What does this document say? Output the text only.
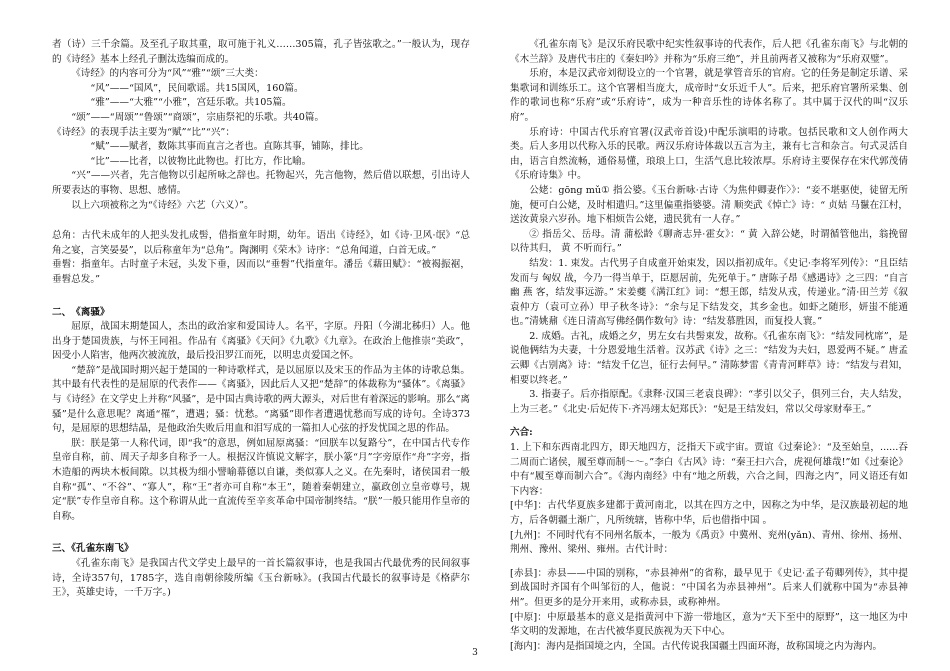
者（诗）三千余篇。及至孔子取其重，取可施于礼义……305篇，孔子皆弦歌之。”一般认为，现存的《诗经》基本上经孔子删汰选编而成的。

《诗经》的内容可分为“风”“雅”“颂”三大类：

“风”——“国风”，民间歌谣。共15国风，160篇。

“雅”——“大雅”“小雅”，宫廷乐歌。共105篇。

“颂”——“周颂”“鲁颂”“商颂”，宗庙祭祀的乐歌。共40篇。

《诗经》的表现手法主要为“赋”“比”“兴”：

“赋”——赋者，数陈其事而直言之者也。直陈其事，铺陈，排比。

“比”——比者，以彼物比此物也。打比方，作比喻。

“兴”——兴者，先言他物以引起所咏之辞也。托物起兴，先言他物，然后借以联想，引出诗人所要表达的事物、思想、感情。

以上六项被称之为“《诗经》六艺（六义）”。

总角：古代未成年的人把头发扎成髻，借指童年时期，幼年。语出《诗经》，如《诗·卫风·氓》“总角之宴，言笑晏晏”，以后称童年为“总角”。陶渊明《荣木》诗序：“总角闻道，白首无成。”

垂髫：指童年。古时童子未冠，头发下垂，因而以“垂髫”代指童年。潘岳《藉田赋》：“被褐振裾，垂髫总发。”

二、　《离骚》

屈原，战国末期楚国人，杰出的政治家和爱国诗人。名平，字原。丹阳（今湖北秭归）人。他出身于楚国贵族，与怀王同祖。作品有《离骚》《天问》《九歌》《九章》。在政治上他推崇“美政”，因受小人陷害，他两次被流放，最后投汨罗江而死，以明忠贞爱国之怀。

“楚辞”是战国时期兴起于楚国的一种诗歌样式，是以屈原以及宋玉的作品为主体的诗歌总集。其中最有代表性的是屈原的代表作——《离骚》，因此后人又把“楚辞”的体裁称为“骚体”。《离骚》与《诗经》在文学史上并称“风骚”，是中国古典诗歌的两大源头，对后世有着深远的影响。那么“离骚”是什么意思呢？离通“罹”，遭遇；骚：忧愁。“离骚”即作者遭遇忧愁而写成的诗句。全诗373句，是屈原的思想结晶，是他政治失败后用血和泪写成的一篇扣人心弦的抒发忧国之思的作品。

朕：朕是第一人称代词，即“我”的意思，例如屈原离骚：“回朕车以复路兮”，在中国古代专作皇帝自称，前、周天子却多自称予一人。根据汉许慎说文解字，朕小篆“月”字旁原作“舟”字旁，指木造船的两块木板间隙。以其极为细小譬喻幕德以自谦，类似寡人之义。在先秦时，诸侯国君一般自称“孤”、“不谷”、“寡人”，称“王”者亦可自称“本王”，随着秦朝建立，嬴政创立皇帝尊号，规定“朕”专作皇帝自称。这个称谓从此一直流传至辛亥革命中国帝制终结。“朕”一般只能用作皇帝的自称。

三、《孔雀东南飞》

《孔雀东南飞》是我国古代文学史上最早的一首长篇叙事诗，也是我国古代最优秀的民间叙事诗，全诗357句，1785字，选自南朝徐陵所编《玉台新咏》。(我国古代最长的叙事诗是《格萨尔王》，英雄史诗，一千万字。)

《孔雀东南飞》是汉乐府民歌中纪实性叙事诗的代表作，后人把《孔雀东南飞》与北朝的《木兰辞》及唐代韦庄的《秦妇吟》并称为“乐府三绝”，并且前两者又被称为“乐府双璧”。

乐府，本是汉武帝刘彻设立的一个官署，就是掌管音乐的官府。它的任务是制定乐谱、采集歌词和训练乐工。这个官署相当庞大，成帝时“女乐近千人”。后来，把乐府官署所采集、创作的歌词也称“乐府”或“乐府诗”，成为一种音乐性的诗体名称了。其中属于汉代的叫“汉乐府”。

乐府诗：中国古代乐府官署(汉武帝首设)中配乐演唱的诗歌。包括民歌和文人创作两大类。后人多用以代称入乐的民歌。两汉乐府诗体裁以五言为主，兼有七言和杂言。句式灵活自由，语言自然流畅，通俗易懂，琅琅上口，生活气息比较浓厚。乐府诗主要保存在宋代郭茂倩《乐府诗集》中。

公姥：gōng mǔ① 指公婆。《玉台新咏·古诗〈为焦仲卿妻作〉》：“妾不堪驱使，徒留无所施，便可白公姥，及时相遣归。”这里偏重指婆婆。清 顺奕武《悼亡》诗：“ 贞姑 马鬣在江村，送汝黄泉六岁孙。地下相烦告公姥，遗民犹有一人存。”

② 指岳父、岳母。清 蒲松龄《聊斋志异·霍女》：“ 黄 入辞公姥，时谓循管他出，翁挽留以待其归， 黄 不听而行。”

结发：1. 束发。古代男子自成童开始束发，因以指初成年。《史记·李将军列传》：“且臣结发而与 匈奴 战，今乃一得当单于，臣愿居前，先死单于。” 唐陈子昂《感遇诗》之三四：“自言 幽 燕 客，结发事远游。” 宋姜夔《满江红》词：“想王郎，结发从戎，传递业。”清·田兰芳《叙袁仲方（袁可立孙）甲子秋冬诗》：“余与足下结发交，其乡金也。如虾之随形，妍蚩不能遁也。”清姚鼐《连日清高写佛经偶作数句》诗：“结发慕胜因，而复投人寰。”

2. 成婚。古礼，成婚之夕，男左女右共髻束发，故称。《孔雀东南飞》：“结发同枕席”，是说他俩结为夫妻，十分恩爱地生活着。汉苏武《诗》之三：“结发为夫妇，恩爱两不疑。” 唐孟云卿《古别离》诗：“结发千亿岂，征行去何早。” 清陈梦雷《青青河畔草》诗：“结发与君知，相要以终老。”

3. 指妻子。后亦指原配。《隶释·汉国三老袁良碑》：“孝引以父子，俱列三台，夫人结发，上为三老。”《北史·后妃传下·齐冯翊太妃郑氏》：“妃是王结发妇，常以父母家财奉王。”

六合:

1. 上下和东西南北四方，即天地四方，泛指天下或宇宙。贾谊《过秦论》：“及至始皇，......吞二周而亡诸侯，履至尊而制～～。”李白《古风》诗：“秦王扫六合，虎视何雄哉!”如《过秦论》中有“履至尊而制六合”。《海内南经》中有“地之所载，六合之间，四海之内”，同义语还有如下内容：

[中华]：古代华夏族多建都于黄河南北，以其在四方之中，因称之为中华，是汉族最初起的地方，后各朝疆土渐广，凡所统辖，皆称中华，后也借指中国 。

[九州]：不同时代有不同州名版本，一般为《禹贡》中冀州、兖州(yǎn)、青州、徐州、扬州、荆州、豫州、梁州、雍州。古代计时：

[赤县]：赤县——中国的别称，“赤县神州”的省称，最早见于《史记·孟子荀卿列传》，其中提到战国时齐国有个叫邹衍的人，他说：“中国名为赤县神州”。后来人们就称中国为“赤县神州”。但更多的是分开来用，或称赤县，或称神州。

[中原]：中原最基本的意义是指黄河中下游一带地区，意为“天下至中的原野”，这一地区为中华文明的发源地，在古代被华夏民族视为天下中心。

[海内]：海内是指国境之内，全国。古代传说我国疆土四面环海，故称国境之内为海内。

3
